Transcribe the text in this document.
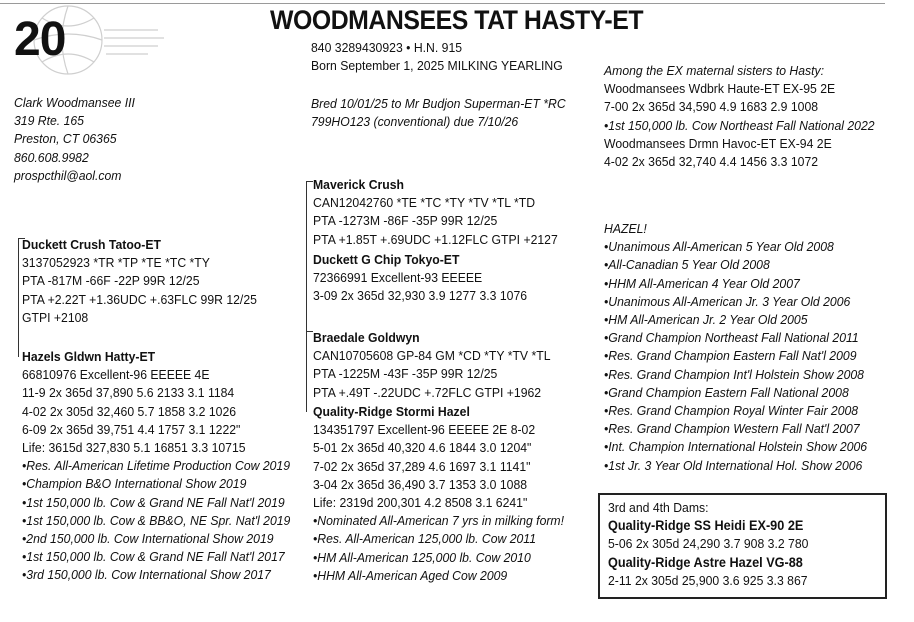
20	WOODMANSEES TAT HASTY-ET
840 3289430923 • H.N. 915
Born September 1, 2025 MILKING YEARLING
Bred 10/01/25 to Mr Budjon Superman-ET *RC
799HO123 (conventional) due 7/10/26
Clark Woodmansee III
319 Rte. 165
Preston, CT 06365
860.608.9982
prospcthil@aol.com
Among the EX maternal sisters to Hasty:
Woodmansees Wdbrk Haute-ET EX-95 2E
7-00 2x 365d 34,590 4.9 1683 2.9 1008
•1st 150,000 lb. Cow Northeast Fall National 2022
Woodmansees Drmn Havoc-ET EX-94 2E
4-02 2x 365d 32,740 4.4 1456 3.3 1072
Maverick Crush
CAN12042760 *TE *TC *TY *TV *TL *TD
PTA -1273M -86F -35P 99R 12/25
PTA +1.85T +.69UDC +1.12FLC GTPI +2127
Duckett G Chip Tokyo-ET
72366991 Excellent-93 EEEEE
3-09 2x 365d 32,930 3.9 1277 3.3 1076
Duckett Crush Tatoo-ET
3137052923 *TR *TP *TE *TC *TY
PTA -817M -66F -22P 99R 12/25
PTA +2.22T +1.36UDC +.63FLC 99R 12/25
GTPI +2108
Hazels Gldwn Hatty-ET
66810976 Excellent-96 EEEEE 4E
11-9 2x 365d 37,890 5.6 2133 3.1 1184
4-02 2x 305d 32,460 5.7 1858 3.2 1026
6-09 2x 365d 39,751 4.4 1757 3.1 1222"
Life: 3615d 327,830 5.1 16851 3.3 10715
•Res. All-American Lifetime Production Cow 2019
•Champion B&O International Show 2019
•1st 150,000 lb. Cow & Grand NE Fall Nat'l 2019
•1st 150,000 lb. Cow & BB&O, NE Spr. Nat'l 2019
•2nd 150,000 lb. Cow International Show 2019
•1st 150,000 lb. Cow & Grand NE Fall Nat'l 2017
•3rd 150,000 lb. Cow International Show 2017
Braedale Goldwyn
CAN10705608 GP-84 GM *CD *TY *TV *TL
PTA -1225M -43F -35P 99R 12/25
PTA +.49T -.22UDC +.72FLC GTPI +1962
Quality-Ridge Stormi Hazel
134351797 Excellent-96 EEEEE 2E 8-02
5-01 2x 365d 40,320 4.6 1844 3.0 1204"
7-02 2x 365d 37,289 4.6 1697 3.1 1141"
3-04 2x 365d 36,490 3.7 1353 3.0 1088
Life: 2319d 200,301 4.2 8508 3.1 6241"
•Nominated All-American 7 yrs in milking form!
•Res. All-American 125,000 lb. Cow 2011
•HM All-American 125,000 lb. Cow 2010
•HHM All-American Aged Cow 2009
HAZEL!
•Unanimous All-American 5 Year Old 2008
•All-Canadian 5 Year Old 2008
•HHM All-American 4 Year Old 2007
•Unanimous All-American Jr. 3 Year Old 2006
•HM All-American Jr. 2 Year Old 2005
•Grand Champion Northeast Fall National 2011
•Res. Grand Champion Eastern Fall Nat'l 2009
•Res. Grand Champion Int'l Holstein Show 2008
•Grand Champion Eastern Fall National 2008
•Res. Grand Champion Royal Winter Fair 2008
•Res. Grand Champion Western Fall Nat'l 2007
•Int. Champion International Holstein Show 2006
•1st Jr. 3 Year Old International Hol. Show 2006
3rd and 4th Dams:
Quality-Ridge SS Heidi EX-90 2E
5-06 2x 305d 24,290 3.7 908 3.2 780
Quality-Ridge Astre Hazel VG-88
2-11 2x 305d 25,900 3.6 925 3.3 867
